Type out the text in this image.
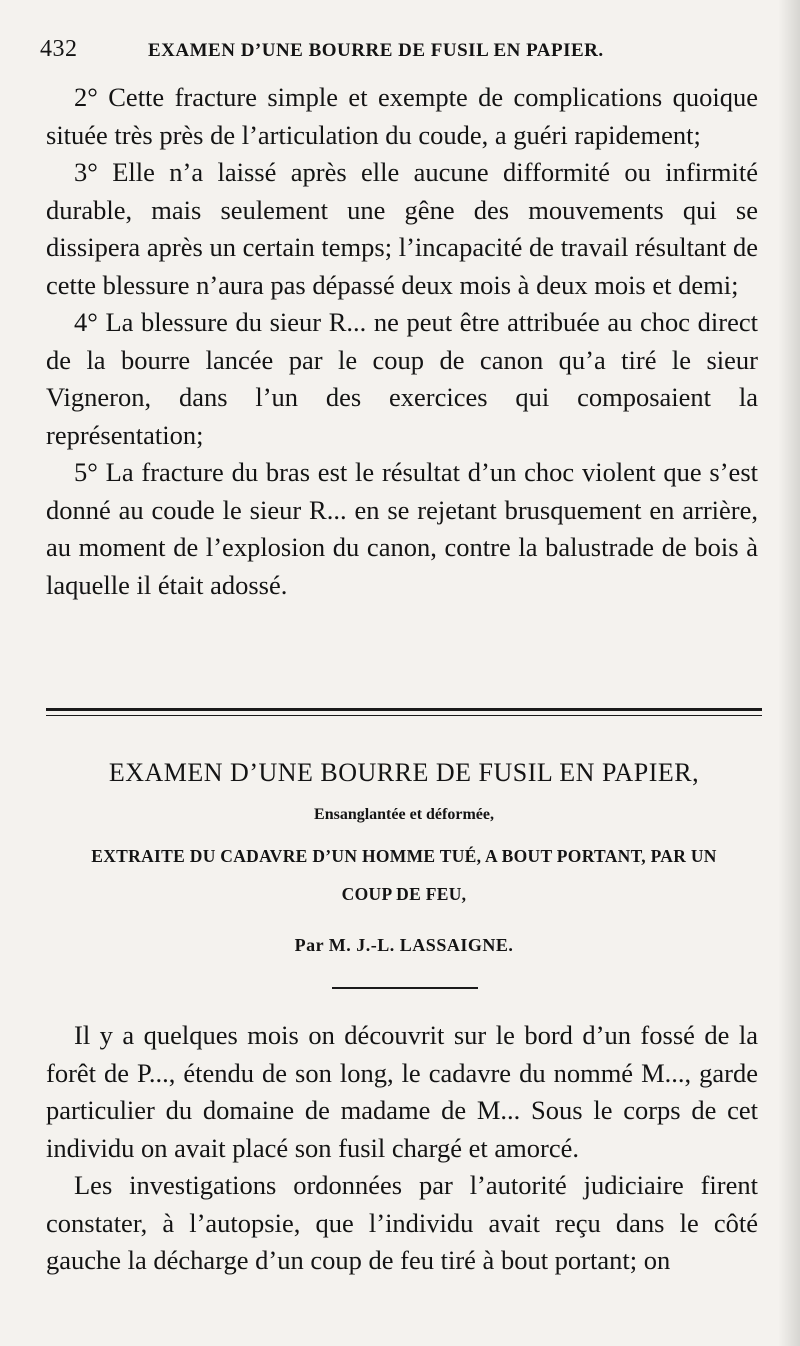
432	EXAMEN D’UNE BOURRE DE FUSIL EN PAPIER.

2° Cette fracture simple et exempte de complications quoique située très près de l’articulation du coude, a guéri rapidement;

3° Elle n’a laissé après elle aucune difformité ou infirmité durable, mais seulement une gêne des mouvements qui se dissipera après un certain temps; l’incapacité de travail résultant de cette blessure n’aura pas dépassé deux mois à deux mois et demi;

4° La blessure du sieur R... ne peut être attribuée au choc direct de la bourre lancée par le coup de canon qu’a tiré le sieur Vigneron, dans l’un des exercices qui composaient la représentation;

5° La fracture du bras est le résultat d’un choc violent que s’est donné au coude le sieur R... en se rejetant brusquement en arrière, au moment de l’explosion du canon, contre la balustrade de bois à laquelle il était adossé.

EXAMEN D’UNE BOURRE DE FUSIL EN PAPIER,
Ensanglantée et déformée,
EXTRAITE DU CADAVRE D’UN HOMME TUÉ, A BOUT PORTANT, PAR UN
COUP DE FEU,
Par M. J.-L. LASSAIGNE.

Il y a quelques mois on découvrit sur le bord d’un fossé de la forêt de P..., étendu de son long, le cadavre du nommé M..., garde particulier du domaine de madame de M... Sous le corps de cet individu on avait placé son fusil chargé et amorcé.

Les investigations ordonnées par l’autorité judiciaire firent constater, à l’autopsie, que l’individu avait reçu dans le côté gauche la décharge d’un coup de feu tiré à bout portant; on
